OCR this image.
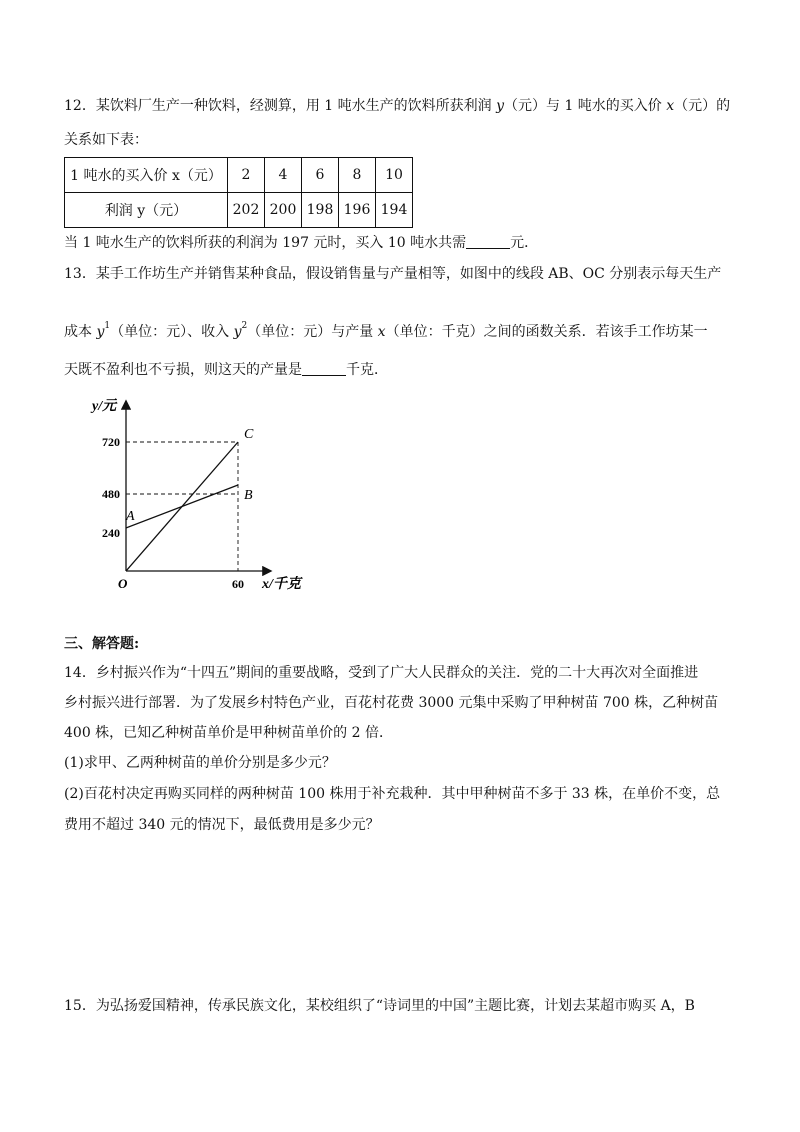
12．某饮料厂生产一种饮料，经测算，用 1 吨水生产的饮料所获利润 y（元）与 1 吨水的买入价 x（元）的
关系如下表：
1 吨水的买入价 x（元）	2	4	6	8	10
利润 y（元）	202	200	198	196	194
当 1 吨水生产的饮料所获的利润为 197 元时，买入 10 吨水共需	元．
13．某手工作坊生产并销售某种食品，假设销售量与产量相等，如图中的线段 AB、OC 分别表示每天生产
成本 $y_1$（单位：元）、收入 $y_2$（单位：元）与产量 x（单位：千克）之间的函数关系．若该手工作坊某一
天既不盈利也不亏损，则这天的产量是	千克．
y/元
x/千克
720
480
240
60
O
A
B
C
三、解答题:
14．乡村振兴作为“十四五”期间的重要战略，受到了广大人民群众的关注．党的二十大再次对全面推进
乡村振兴进行部署．为了发展乡村特色产业，百花村花费 3000 元集中采购了甲种树苗 700 株，乙种树苗
400 株，已知乙种树苗单价是甲种树苗单价的 2 倍．
(1)求甲、乙两种树苗的单价分别是多少元？
(2)百花村决定再购买同样的两种树苗 100 株用于补充栽种．其中甲种树苗不多于 33 株，在单价不变，总
费用不超过 340 元的情况下，最低费用是多少元？
15．为弘扬爱国精神，传承民族文化，某校组织了“诗词里的中国”主题比赛，计划去某超市购买 A，B
